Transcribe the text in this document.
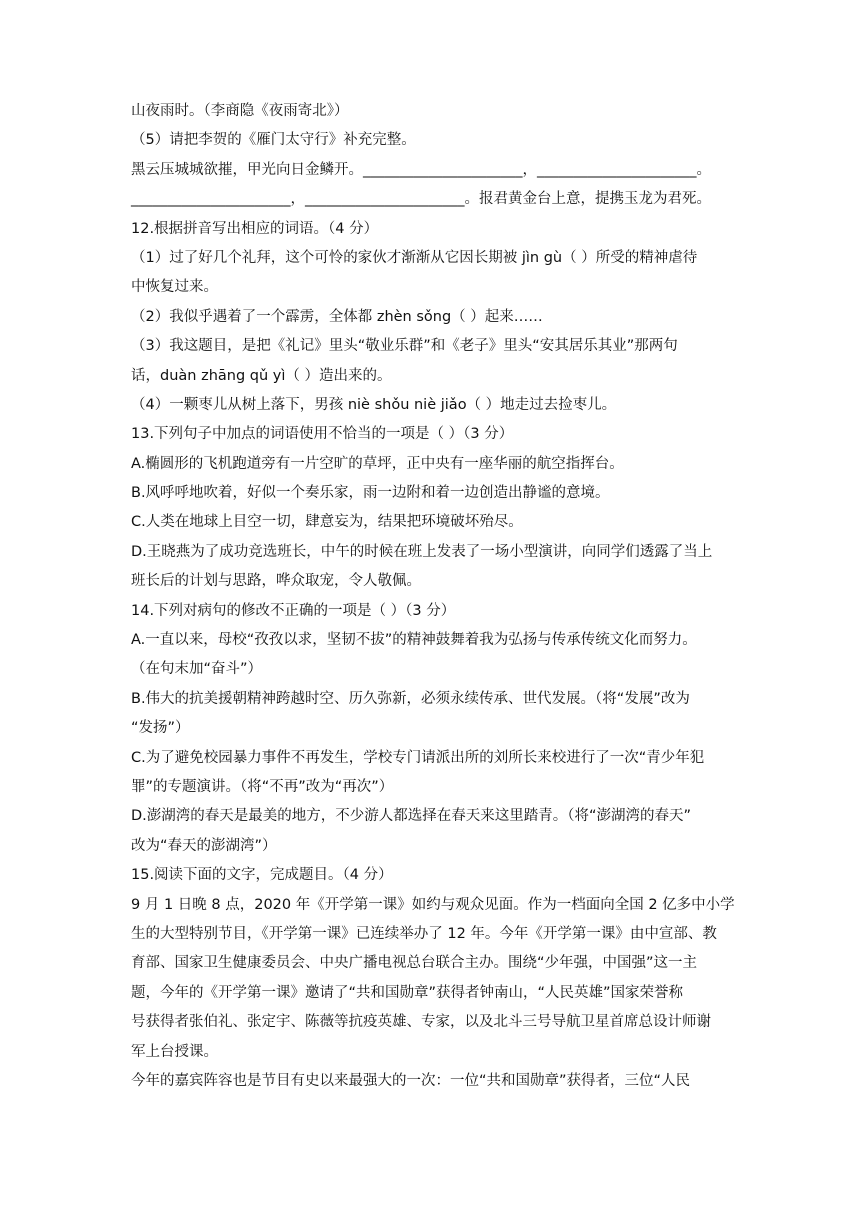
山夜雨时。（李商隐《夜雨寄北》）
（5）请把李贺的《雁门太守行》补充完整。
黑云压城城欲摧，甲光向日金鳞开。______________________，______________________。
______________________，______________________。报君黄金台上意，提携玉龙为君死。
12.根据拼音写出相应的词语。（4 分）
（1）过了好几个礼拜，这个可怜的家伙才渐渐从它因长期被 jìn gù（ ）所受的精神虐待
中恢复过来。
（2）我似乎遇着了一个霹雳，全体都 zhèn sǒng（ ）起来……
（3）我这题目，是把《礼记》里头“敬业乐群”和《老子》里头“安其居乐其业”那两句
话，duàn zhāng qǔ yì（ ）造出来的。
（4）一颗枣儿从树上落下，男孩 niè shǒu niè jiǎo（ ）地走过去捡枣儿。
13.下列句子中加点的词语使用不恰当的一项是（ ）（3 分）
A.椭圆形的飞机跑道旁有一片空旷的草坪，正中央有一座华丽的航空指挥台。
B.风呼呼地吹着，好似一个奏乐家，雨一边附和着一边创造出静谧的意境。
C.人类在地球上目空一切，肆意妄为，结果把环境破坏殆尽。
D.王晓燕为了成功竞选班长，中午的时候在班上发表了一场小型演讲，向同学们透露了当上
班长后的计划与思路，哗众取宠，令人敬佩。
14.下列对病句的修改不正确的一项是（ ）（3 分）
A.一直以来，母校“孜孜以求，坚韧不拔”的精神鼓舞着我为弘扬与传承传统文化而努力。
（在句末加“奋斗”）
B.伟大的抗美援朝精神跨越时空、历久弥新，必须永续传承、世代发展。（将“发展”改为
“发扬”）
C.为了避免校园暴力事件不再发生，学校专门请派出所的刘所长来校进行了一次“青少年犯
罪”的专题演讲。（将“不再”改为“再次”）
D.澎湖湾的春天是最美的地方，不少游人都选择在春天来这里踏青。（将“澎湖湾的春天”
改为“春天的澎湖湾”）
15.阅读下面的文字，完成题目。（4 分）
9 月 1 日晚 8 点，2020 年《开学第一课》如约与观众见面。作为一档面向全国 2 亿多中小学
生的大型特别节目，《开学第一课》已连续举办了 12 年。今年《开学第一课》由中宣部、教
育部、国家卫生健康委员会、中央广播电视总台联合主办。围绕“少年强，中国强”这一主
题，今年的《开学第一课》邀请了“共和国勋章”获得者钟南山，“人民英雄”国家荣誉称
号获得者张伯礼、张定宇、陈薇等抗疫英雄、专家，以及北斗三号导航卫星首席总设计师谢
军上台授课。
今年的嘉宾阵容也是节目有史以来最强大的一次：一位“共和国勋章”获得者，三位“人民
